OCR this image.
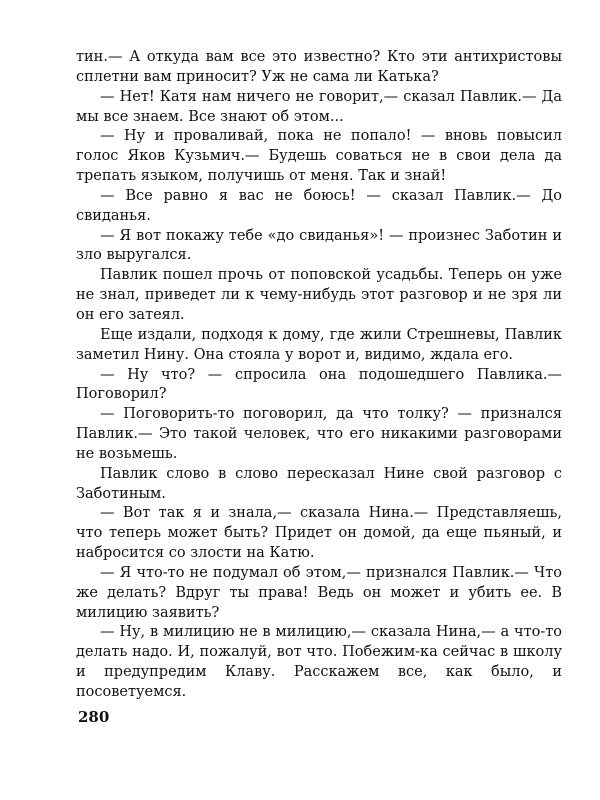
тин.— А откуда вам все это известно? Кто эти антихристовы сплетни вам приносит? Уж не сама ли Катька?

— Нет! Катя нам ничего не говорит,— сказал Павлик.— Да мы все знаем. Все знают об этом...

— Ну и проваливай, пока не попало! — вновь повысил голос Яков Кузьмич.— Будешь соваться не в свои дела да трепать языком, получишь от меня. Так и знай!

— Все равно я вас не боюсь! — сказал Павлик.— До свиданья.

— Я вот покажу тебе «до свиданья»! — произнес Заботин и зло выругался.

Павлик пошел прочь от поповской усадьбы. Теперь он уже не знал, приведет ли к чему-нибудь этот разговор и не зря ли он его затеял.

Еще издали, подходя к дому, где жили Стрешневы, Павлик заметил Нину. Она стояла у ворот и, видимо, ждала его.

— Ну что? — спросила она подошедшего Павлика.— Поговорил?

— Поговорить-то поговорил, да что толку? — признался Павлик.— Это такой человек, что его никакими разговорами не возьмешь.

Павлик слово в слово пересказал Нине свой разговор с Заботиным.

— Вот так я и знала,— сказала Нина.— Представляешь, что теперь может быть? Придет он домой, да еще пьяный, и набросится со злости на Катю.

— Я что-то не подумал об этом,— признался Павлик.— Что же делать? Вдруг ты права! Ведь он может и убить ее. В милицию заявить?

— Ну, в милицию не в милицию,— сказала Нина,— а что-то делать надо. И, пожалуй, вот что. Побежим-ка сейчас в школу и предупредим Клаву. Расскажем все, как было, и посоветуемся.

280
